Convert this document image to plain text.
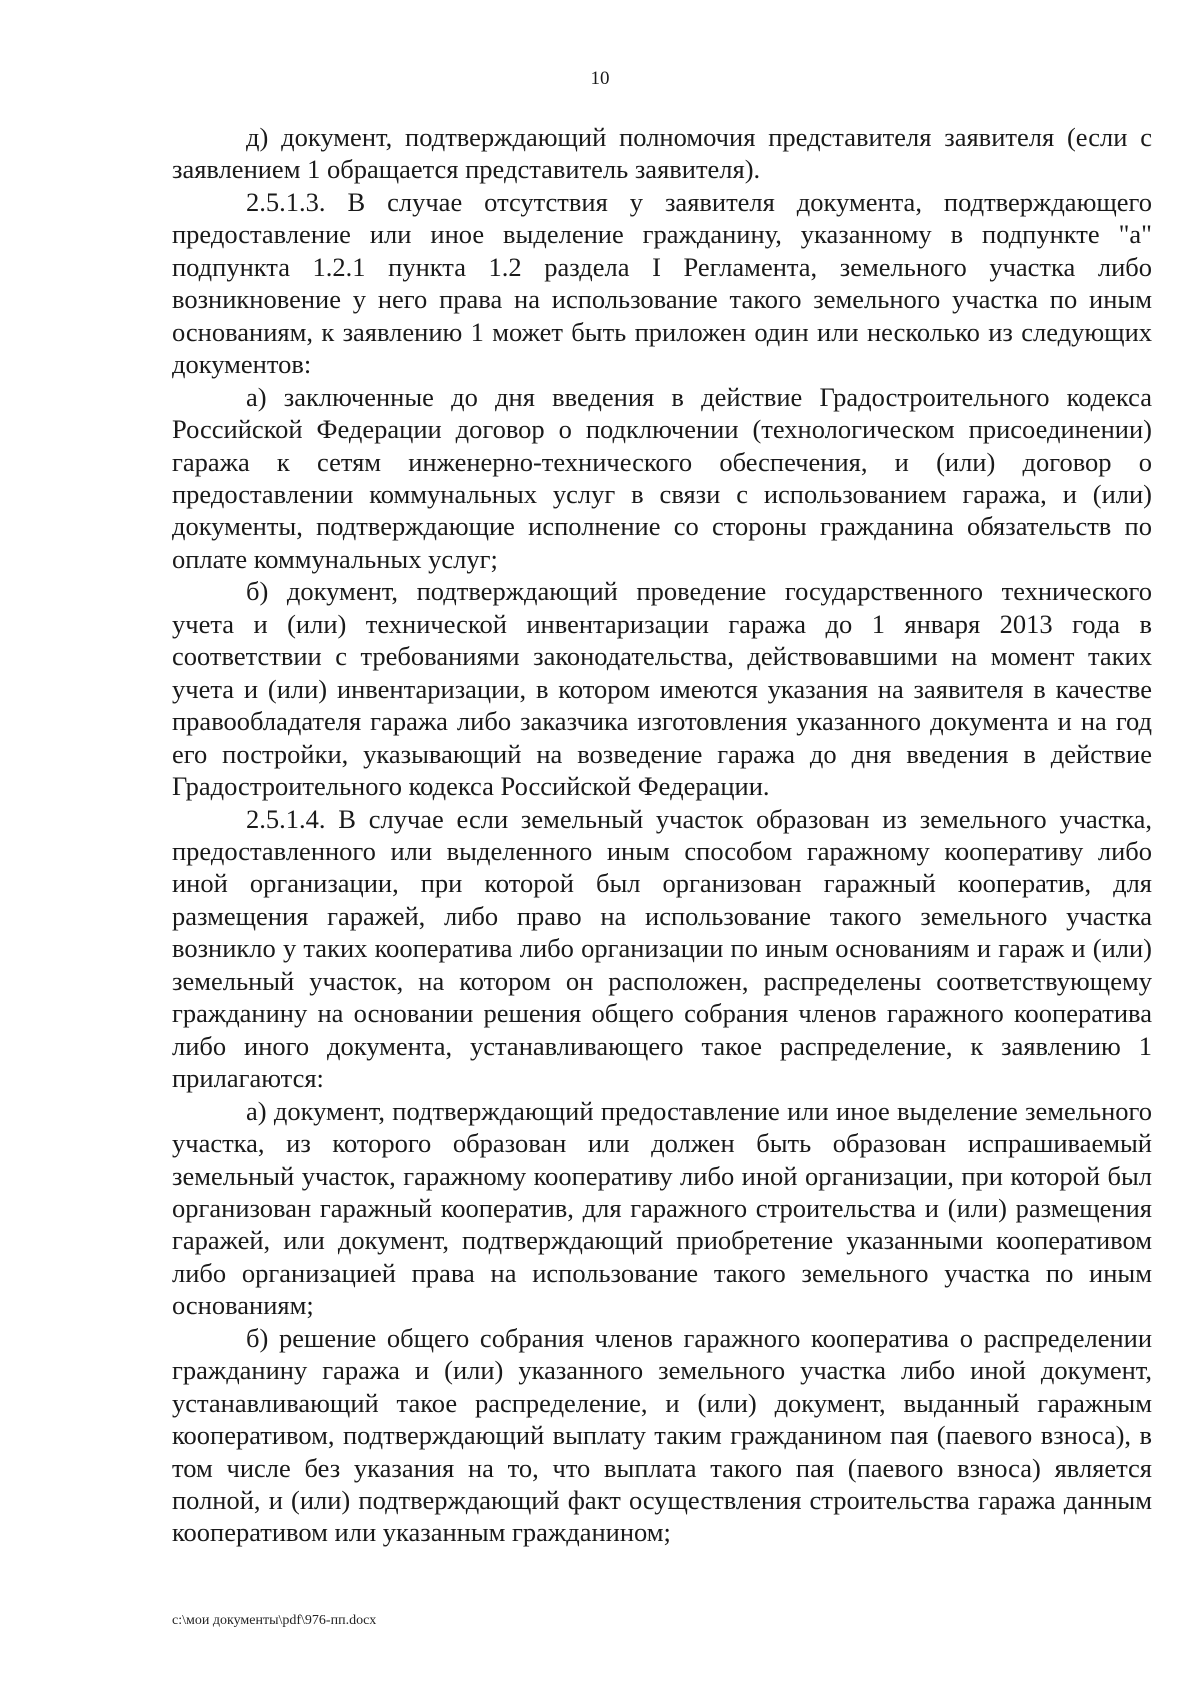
10

д) документ, подтверждающий полномочия представителя заявителя (если с заявлением 1 обращается представитель заявителя).

2.5.1.3. В случае отсутствия у заявителя документа, подтверждающего предоставление или иное выделение гражданину, указанному в подпункте "а" подпункта 1.2.1 пункта 1.2 раздела I Регламента, земельного участка либо возникновение у него права на использование такого земельного участка по иным основаниям, к заявлению 1 может быть приложен один или несколько из следующих документов:

а) заключенные до дня введения в действие Градостроительного кодекса Российской Федерации договор о подключении (технологическом присоединении) гаража к сетям инженерно-технического обеспечения, и (или) договор о предоставлении коммунальных услуг в связи с использованием гаража, и (или) документы, подтверждающие исполнение со стороны гражданина обязательств по оплате коммунальных услуг;

б) документ, подтверждающий проведение государственного технического учета и (или) технической инвентаризации гаража до 1 января 2013 года в соответствии с требованиями законодательства, действовавшими на момент таких учета и (или) инвентаризации, в котором имеются указания на заявителя в качестве правообладателя гаража либо заказчика изготовления указанного документа и на год его постройки, указывающий на возведение гаража до дня введения в действие Градостроительного кодекса Российской Федерации.

2.5.1.4. В случае если земельный участок образован из земельного участка, предоставленного или выделенного иным способом гаражному кооперативу либо иной организации, при которой был организован гаражный кооператив, для размещения гаражей, либо право на использование такого земельного участка возникло у таких кооператива либо организации по иным основаниям и гараж и (или) земельный участок, на котором он расположен, распределены соответствующему гражданину на основании решения общего собрания членов гаражного кооператива либо иного документа, устанавливающего такое распределение, к заявлению 1 прилагаются:

а) документ, подтверждающий предоставление или иное выделение земельного участка, из которого образован или должен быть образован испрашиваемый земельный участок, гаражному кооперативу либо иной организации, при которой был организован гаражный кооператив, для гаражного строительства и (или) размещения гаражей, или документ, подтверждающий приобретение указанными кооперативом либо организацией права на использование такого земельного участка по иным основаниям;

б) решение общего собрания членов гаражного кооператива о распределении гражданину гаража и (или) указанного земельного участка либо иной документ, устанавливающий такое распределение, и (или) документ, выданный гаражным кооперативом, подтверждающий выплату таким гражданином пая (паевого взноса), в том числе без указания на то, что выплата такого пая (паевого взноса) является полной, и (или) подтверждающий факт осуществления строительства гаража данным кооперативом или указанным гражданином;

c:\мои документы\pdf\976-пп.docx
